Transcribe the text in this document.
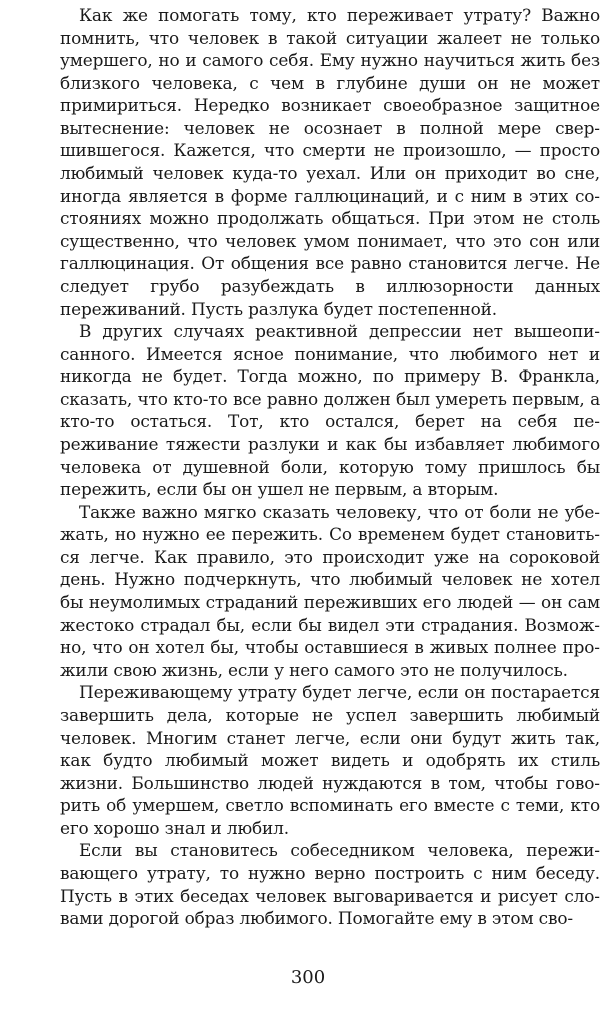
Как же помогать тому, кто переживает утрату? Важно помнить, что человек в такой ситуации жалеет не только умершего, но и самого себя. Ему нужно научиться жить без близкого человека, с чем в глубине души он не может примириться. Нередко возникает своеобразное защитное вытеснение: человек не осознает в полной мере свершившегося. Кажется, что смерти не произошло, — просто любимый человек куда-то уехал. Или он приходит во сне, иногда является в форме галлюцинаций, и с ним в этих состояниях можно продолжать общаться. При этом не столь существенно, что человек умом понимает, что это сон или галлюцинация. От общения все равно становится легче. Не следует грубо разубеждать в иллюзорности данных переживаний. Пусть разлука будет постепенной.

В других случаях реактивной депрессии нет вышеописанного. Имеется ясное понимание, что любимого нет и никогда не будет. Тогда можно, по примеру В. Франкла, сказать, что кто-то все равно должен был умереть первым, а кто-то остаться. Тот, кто остался, берет на себя переживание тяжести разлуки и как бы избавляет любимого человека от душевной боли, которую тому пришлось бы пережить, если бы он ушел не первым, а вторым.

Также важно мягко сказать человеку, что от боли не убежать, но нужно ее пережить. Со временем будет становиться легче. Как правило, это происходит уже на сороковой день. Нужно подчеркнуть, что любимый человек не хотел бы неумолимых страданий переживших его людей — он сам жестоко страдал бы, если бы видел эти страдания. Возможно, что он хотел бы, чтобы оставшиеся в живых полнее прожили свою жизнь, если у него самого это не получилось.

Переживающему утрату будет легче, если он постарается завершить дела, которые не успел завершить любимый человек. Многим станет легче, если они будут жить так, как будто любимый может видеть и одобрять их стиль жизни. Большинство людей нуждаются в том, чтобы говорить об умершем, светло вспоминать его вместе с теми, кто его хорошо знал и любил.

Если вы становитесь собеседником человека, переживающего утрату, то нужно верно построить с ним беседу. Пусть в этих беседах человек выговаривается и рисует словами дорогой образ любимого. Помогайте ему в этом сво-

300
